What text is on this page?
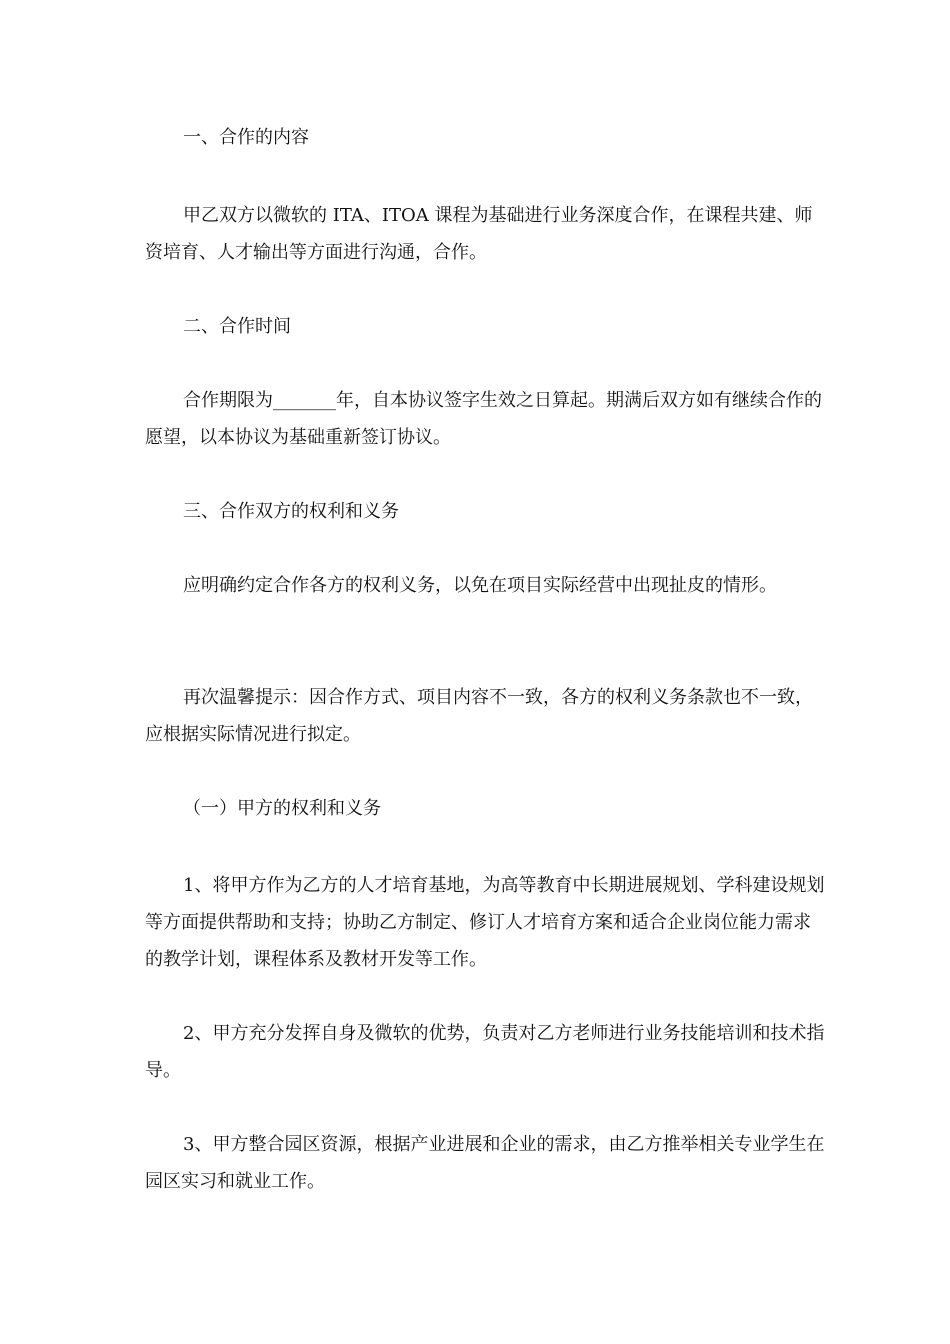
一、合作的内容

甲乙双方以微软的 ITA、ITOA 课程为基础进行业务深度合作，在课程共建、师资培育、人才输出等方面进行沟通，合作。

二、合作时间

合作期限为_______年，自本协议签字生效之日算起。期满后双方如有继续合作的愿望，以本协议为基础重新签订协议。

三、合作双方的权利和义务

应明确约定合作各方的权利义务，以免在项目实际经营中出现扯皮的情形。

再次温馨提示：因合作方式、项目内容不一致，各方的权利义务条款也不一致，应根据实际情况进行拟定。

（一）甲方的权利和义务

1、将甲方作为乙方的人才培育基地，为高等教育中长期进展规划、学科建设规划等方面提供帮助和支持；协助乙方制定、修订人才培育方案和适合企业岗位能力需求的教学计划，课程体系及教材开发等工作。

2、甲方充分发挥自身及微软的优势，负责对乙方老师进行业务技能培训和技术指导。

3、甲方整合园区资源，根据产业进展和企业的需求，由乙方推举相关专业学生在园区实习和就业工作。
